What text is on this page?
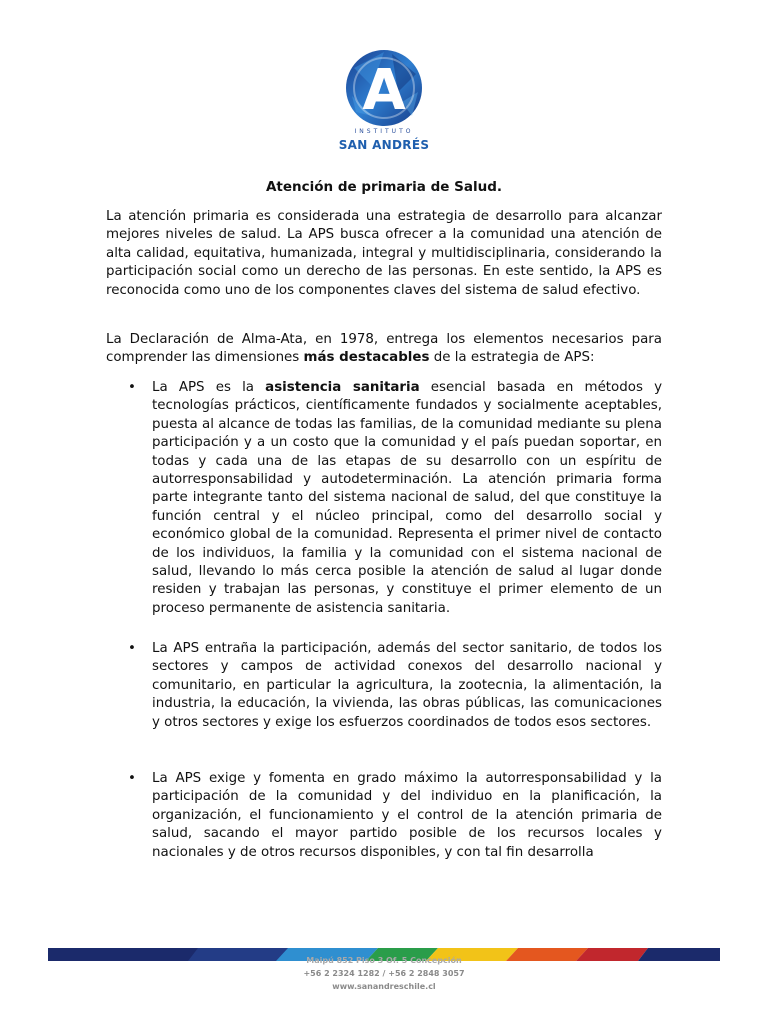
A
INSTITUTO
SAN ANDRÉS
Atención de primaria de Salud.

La atención primaria es considerada una estrategia de desarrollo para alcanzar mejores niveles de salud. La APS busca ofrecer a la comunidad una atención de alta calidad, equitativa, humanizada, integral y multidisciplinaria, considerando la participación social como un derecho de las personas. En este sentido, la APS es reconocida como uno de los componentes claves del sistema de salud efectivo.

La Declaración de Alma-Ata, en 1978, entrega los elementos necesarios para comprender las dimensiones más destacables de la estrategia de APS:

• La APS es la asistencia sanitaria esencial basada en métodos y tecnologías prácticos, científicamente fundados y socialmente aceptables, puesta al alcance de todas las familias, de la comunidad mediante su plena participación y a un costo que la comunidad y el país puedan soportar, en todas y cada una de las etapas de su desarrollo con un espíritu de autorresponsabilidad y autodeterminación. La atención primaria forma parte integrante tanto del sistema nacional de salud, del que constituye la función central y el núcleo principal, como del desarrollo social y económico global de la comunidad. Representa el primer nivel de contacto de los individuos, la familia y la comunidad con el sistema nacional de salud, llevando lo más cerca posible la atención de salud al lugar donde residen y trabajan las personas, y constituye el primer elemento de un proceso permanente de asistencia sanitaria.

• La APS entraña la participación, además del sector sanitario, de todos los sectores y campos de actividad conexos del desarrollo nacional y comunitario, en particular la agricultura, la zootecnia, la alimentación, la industria, la educación, la vivienda, las obras públicas, las comunicaciones y otros sectores y exige los esfuerzos coordinados de todos esos sectores.

• La APS exige y fomenta en grado máximo la autorresponsabilidad y la participación de la comunidad y del individuo en la planificación, la organización, el funcionamiento y el control de la atención primaria de salud, sacando el mayor partido posible de los recursos locales y nacionales y de otros recursos disponibles, y con tal fin desarrolla

Maipú 852 Piso 3 Of. 5 Concepción
+56 2 2324 1282 / +56 2 2848 3057
www.sanandreschile.cl
